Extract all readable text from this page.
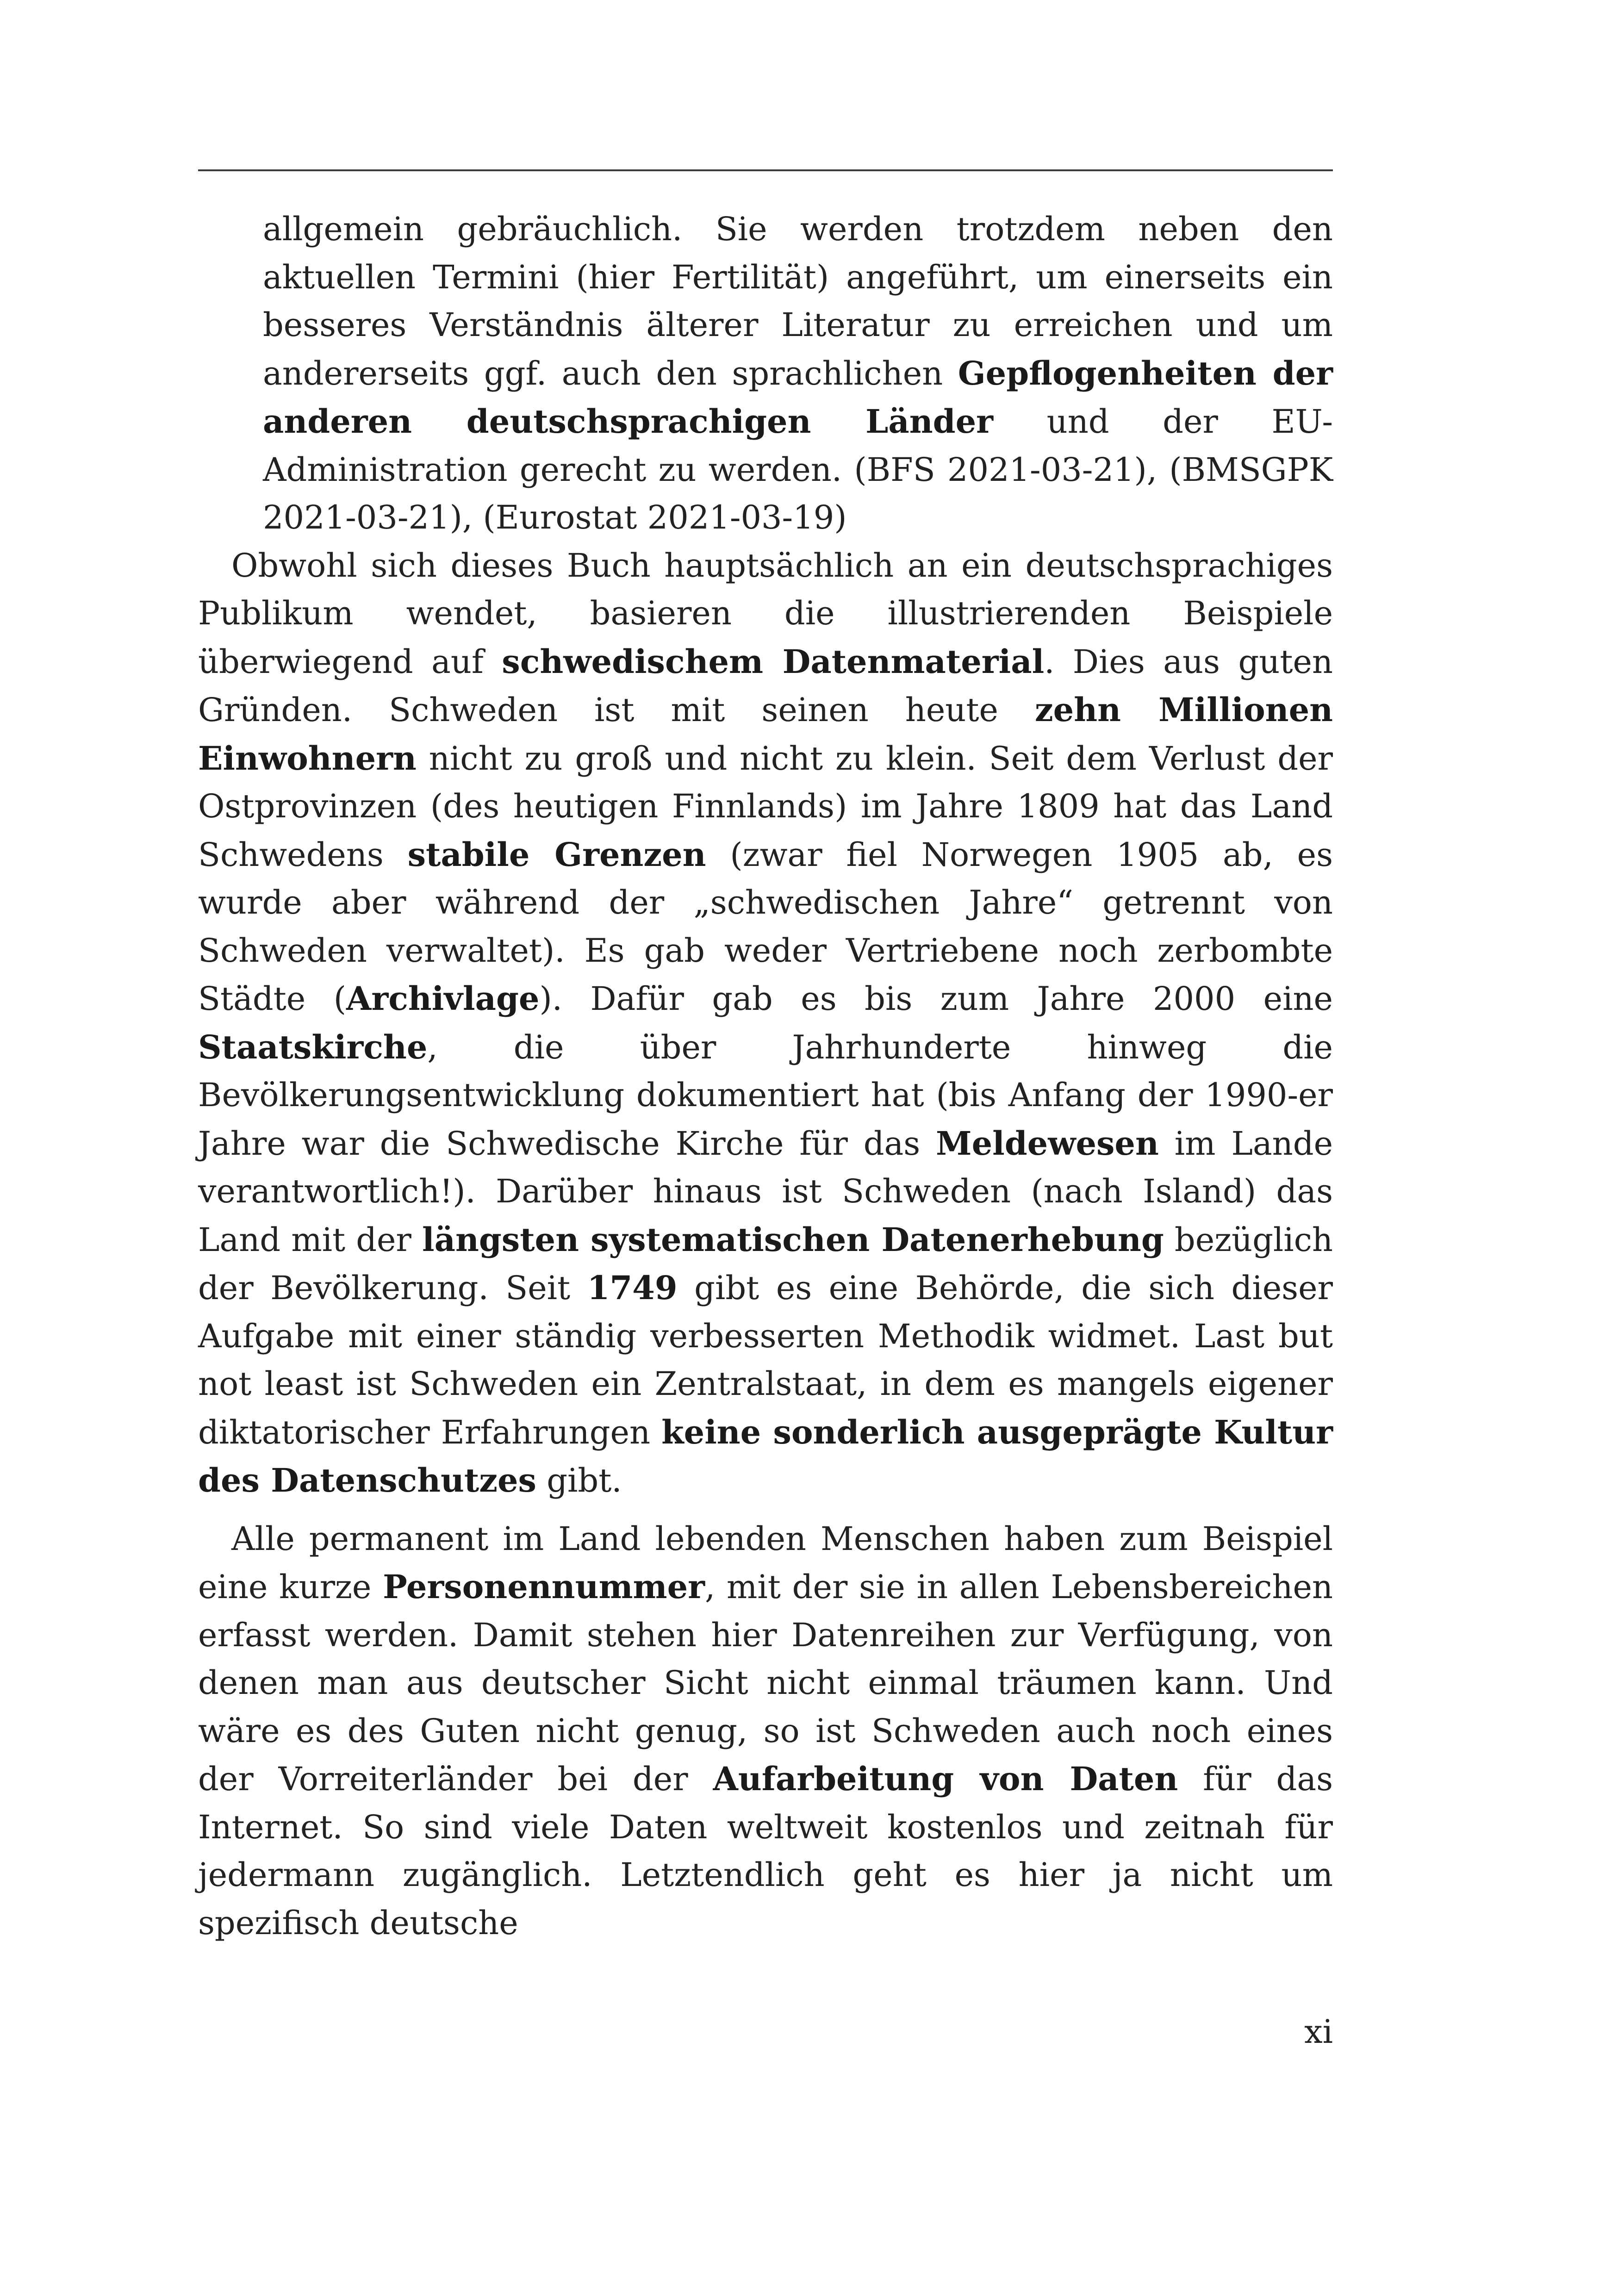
allgemein gebräuchlich. Sie werden trotzdem neben den aktuellen Termini (hier Fertilität) angeführt, um einerseits ein besseres Verständnis älterer Literatur zu erreichen und um andererseits ggf. auch den sprachlichen Gepflogenheiten der anderen deutschsprachigen Länder und der EU-Administration gerecht zu werden. (BFS 2021-03-21), (BMSGPK 2021-03-21), (Eurostat 2021-03-19)

Obwohl sich dieses Buch hauptsächlich an ein deutschsprachiges Publikum wendet, basieren die illustrierenden Beispiele überwiegend auf schwedischem Datenmaterial. Dies aus guten Gründen. Schweden ist mit seinen heute zehn Millionen Einwohnern nicht zu groß und nicht zu klein. Seit dem Verlust der Ostprovinzen (des heutigen Finnlands) im Jahre 1809 hat das Land Schwedens stabile Grenzen (zwar fiel Norwegen 1905 ab, es wurde aber während der „schwedischen Jahre“ getrennt von Schweden verwaltet). Es gab weder Vertriebene noch zerbombte Städte (Archivlage). Dafür gab es bis zum Jahre 2000 eine Staatskirche, die über Jahrhunderte hinweg die Bevölkerungsentwicklung dokumentiert hat (bis Anfang der 1990-er Jahre war die Schwedische Kirche für das Meldewesen im Lande verantwortlich!). Darüber hinaus ist Schweden (nach Island) das Land mit der längsten systematischen Datenerhebung bezüglich der Bevölkerung. Seit 1749 gibt es eine Behörde, die sich dieser Aufgabe mit einer ständig verbesserten Methodik widmet. Last but not least ist Schweden ein Zentralstaat, in dem es mangels eigener diktatorischer Erfahrungen keine sonderlich ausgeprägte Kultur des Datenschutzes gibt.

Alle permanent im Land lebenden Menschen haben zum Beispiel eine kurze Personennummer, mit der sie in allen Lebensbereichen erfasst werden. Damit stehen hier Datenreihen zur Verfügung, von denen man aus deutscher Sicht nicht einmal träumen kann. Und wäre es des Guten nicht genug, so ist Schweden auch noch eines der Vorreiterländer bei der Aufarbeitung von Daten für das Internet. So sind viele Daten weltweit kostenlos und zeitnah für jedermann zugänglich. Letztendlich geht es hier ja nicht um spezifisch deutsche

xi
